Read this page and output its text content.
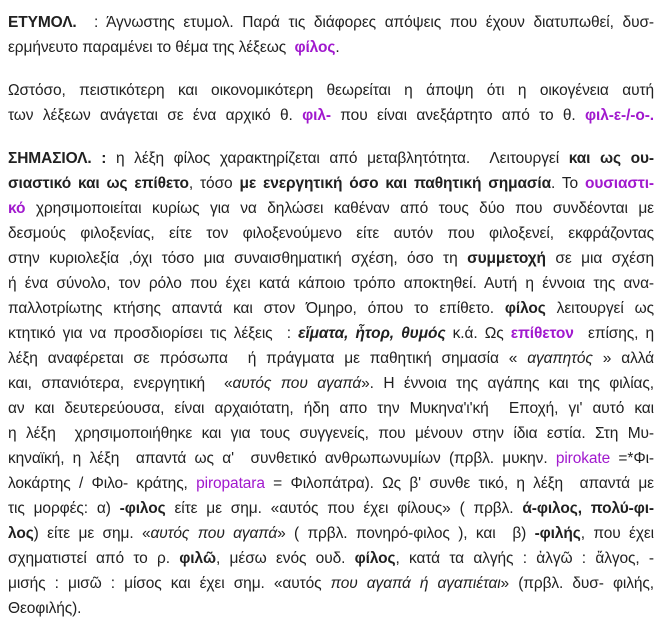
ΕΤΥΜΟΛ.  : Άγνωστης ετυμολ. Παρά τις διάφορες απόψεις που έχουν διατυπωθεί, δυσ-
ερμήνευτο παραμένει το θέμα της λέξεως  φίλος.

Ωστόσο, πειστικότερη και οικονομικότερη θεωρείται η άποψη ότι η οικογένεια αυτή
των λέξεων ανάγεται σε ένα αρχικό θ. φιλ- που είναι ανεξάρτητο από το θ. φιλ-ε-/-ο-.

ΣΗΜΑΣΙΟΛ. : η λέξη φίλος χαρακτηρίζεται από μεταβλητότητα.  Λειτουργεί και ως ου-
σιαστικό και ως επίθετο, τόσο με ενεργητική όσο και παθητική σημασία. Το ουσιαστι-
κό χρησιμοποιείται κυρίως για να δηλώσει καθέναν από τους δύο που συνδέονται με
δεσμούς φιλοξενίας, είτε τον φιλοξενούμενο είτε αυτόν που φιλοξενεί, εκφράζοντας
στην κυριολεξία ,όχι τόσο μια συναισθηματική σχέση, όσο τη συμμετοχή σε μια σχέση
ή ένα σύνολο, τον ρόλο που έχει κατά κάποιο τρόπο αποκτηθεί. Αυτή η έννοια της ανα-
παλλοτρίωτης κτήσης απαντά και στον Όμηρο, όπου το επίθετο. φίλος λειτουργεί ως
κτητικό για να προσδιορίσει τις λέξεις  : εἵματα, ἦτορ, θυμός κ.ά. Ως επίθετον  επίσης, η
λέξη αναφέρεται σε πρόσωπα  ή πράγματα με παθητική σημασία « αγαπητός » αλλά
και, σπανιότερα, ενεργητική  «αυτός που αγαπά». Η έννοια της αγάπης και της φιλίας,
αν και δευτερεύουσα, είναι αρχαιότατη, ήδη απο την Μυκηνα'ι'κή  Εποχή, γι' αυτό και
η λέξη  χρησιμοποιήθηκε και για τους συγγενείς, που μένουν στην ίδια εστία. Στη Μυ-
κηναϊκή, η λέξη  απαντά ως α'  συνθετικό ανθρωπωνυμίων (πρβλ. μυκην. pirokate =*Φι-
λοκάρτης / Φιλο- κράτης, piropatara = Φιλοπάτρα). Ως β' συνθε τικό, η λέξη  απαντά με
τις μορφές: α) -φιλος είτε με σημ. «αυτός που έχει φίλους» ( πρβλ. ά-φιλος, πολύ-φι-
λος) είτε με σημ. «αυτός που αγαπά» ( πρβλ. πονηρό-φιλος ), και  β) -φιλής, που έχει
σχηματιστεί από το ρ. φιλῶ, μέσω ενός ουδ. φίλος, κατά τα αλγής : ἀλγῶ : ἄλγος, -
μισής : μισῶ : μίσος και έχει σημ. «αυτός που αγαπά ή αγαπιέται» (πρβλ. δυσ- φιλής,
Θεοφιλής).
